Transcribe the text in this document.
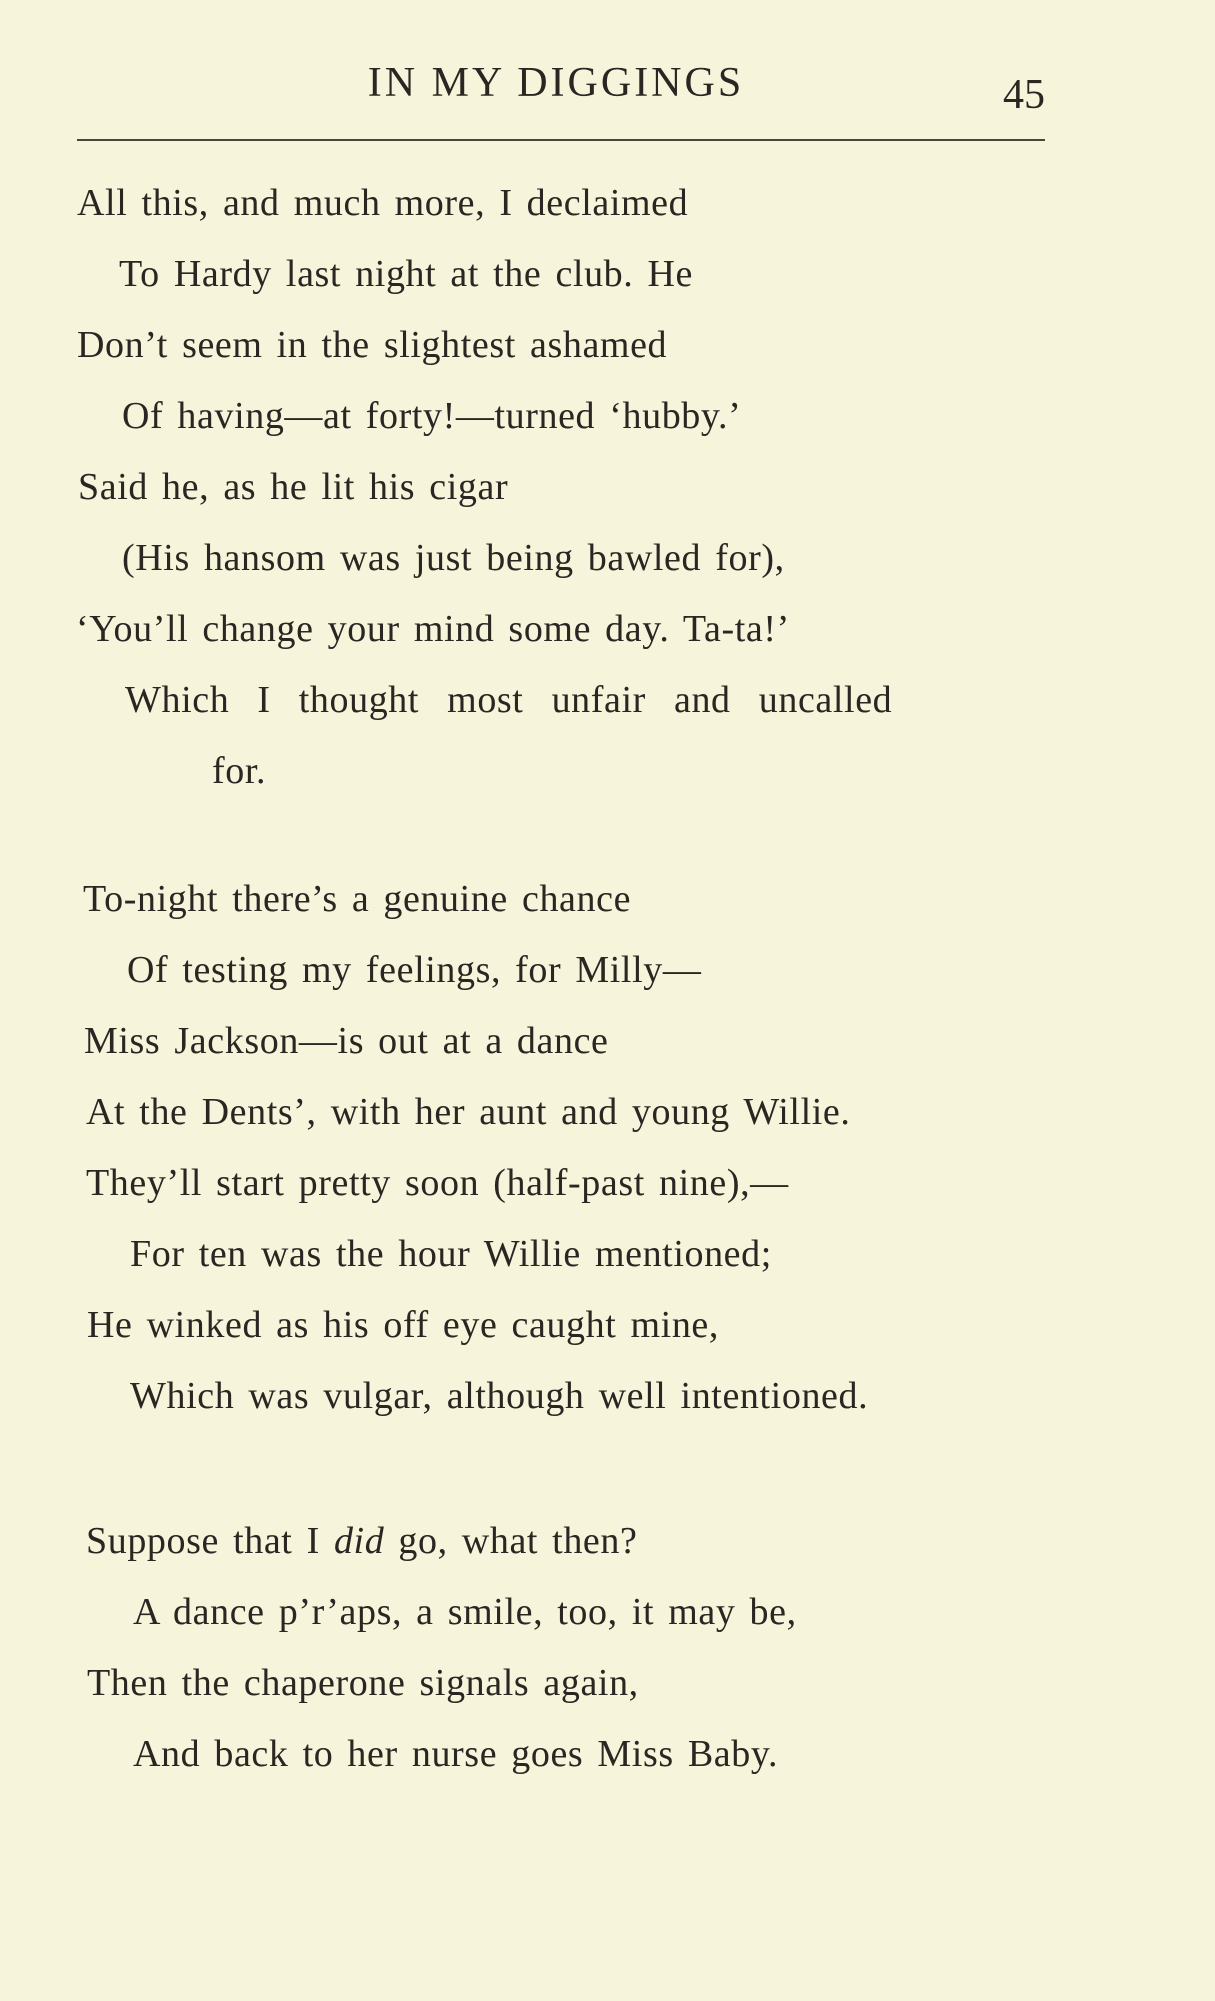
IN MY DIGGINGS	45
All this, and much more, I declaimed
To Hardy last night at the club. He
Don’t seem in the slightest ashamed
Of having—at forty!—turned ‘hubby.’
Said he, as he lit his cigar
(His hansom was just being bawled for),
‘You’ll change your mind some day. Ta-ta!’
Which I thought most unfair and uncalled
for.
To-night there’s a genuine chance
Of testing my feelings, for Milly—
Miss Jackson—is out at a dance
At the Dents’, with her aunt and young Willie.
They’ll start pretty soon (half-past nine),—
For ten was the hour Willie mentioned;
He winked as his off eye caught mine,
Which was vulgar, although well intentioned.
Suppose that I did go, what then?
A dance p’r’aps, a smile, too, it may be,
Then the chaperone signals again,
And back to her nurse goes Miss Baby.
